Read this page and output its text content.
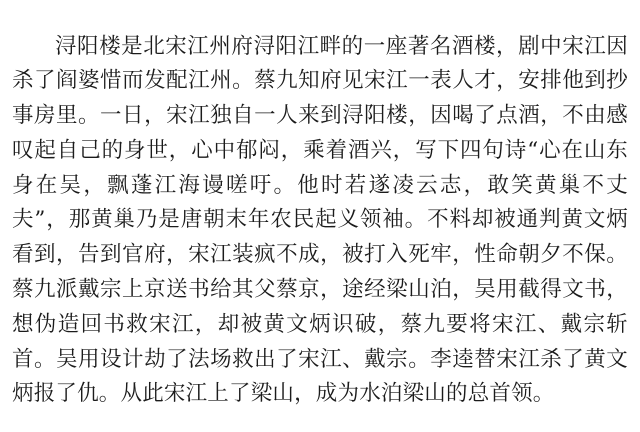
浔阳楼是北宋江州府浔阳江畔的一座著名酒楼，剧中宋江因杀了阎婆惜而发配江州。蔡九知府见宋江一表人才，安排他到抄事房里。一日，宋江独自一人来到浔阳楼，因喝了点酒，不由感叹起自己的身世，心中郁闷，乘着酒兴，写下四句诗“心在山东身在吴，飘蓬江海谩嗟吁。他时若遂凌云志，敢笑黄巢不丈夫”，那黄巢乃是唐朝末年农民起义领袖。不料却被通判黄文炳看到，告到官府，宋江装疯不成，被打入死牢，性命朝夕不保。蔡九派戴宗上京送书给其父蔡京，途经梁山泊，吴用截得文书，想伪造回书救宋江，却被黄文炳识破，蔡九要将宋江、戴宗斩首。吴用设计劫了法场救出了宋江、戴宗。李逵替宋江杀了黄文炳报了仇。从此宋江上了梁山，成为水泊梁山的总首领。
